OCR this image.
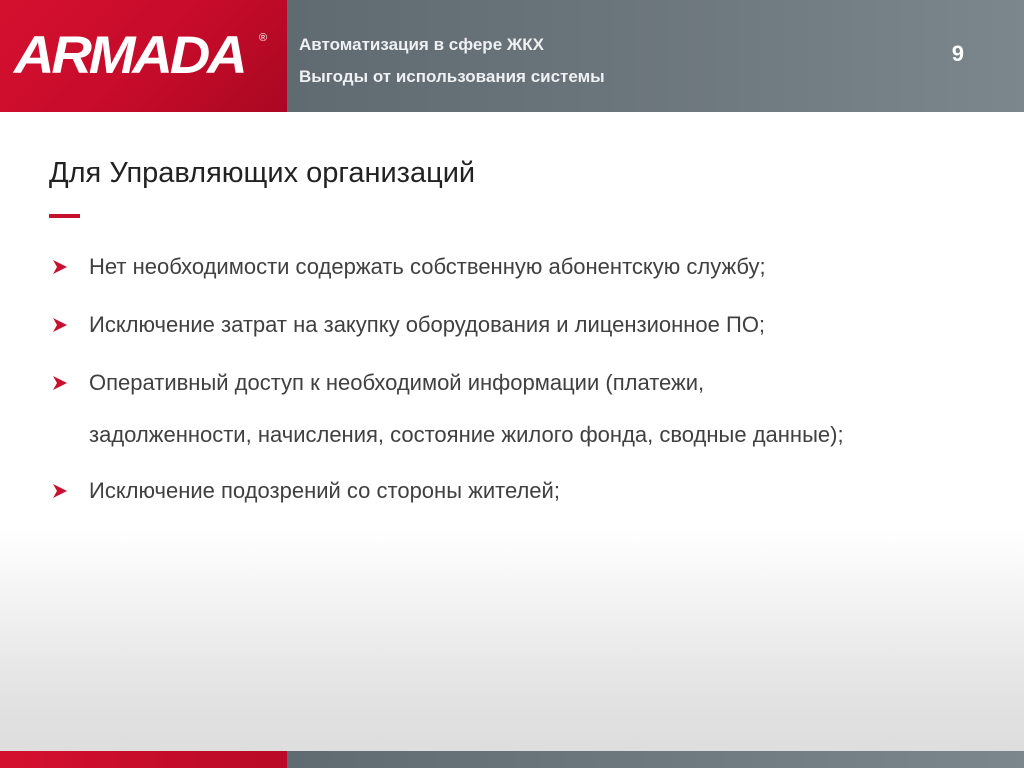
ARMADA ® Автоматизация в сфере ЖКХ
Выгоды от использования системы
9
Для Управляющих организаций
Нет необходимости содержать собственную абонентскую службу;
Исключение затрат на закупку оборудования и лицензионное ПО;
Оперативный доступ к необходимой информации (платежи,
задолженности, начисления, состояние жилого фонда, сводные данные);
Исключение подозрений со стороны жителей;
